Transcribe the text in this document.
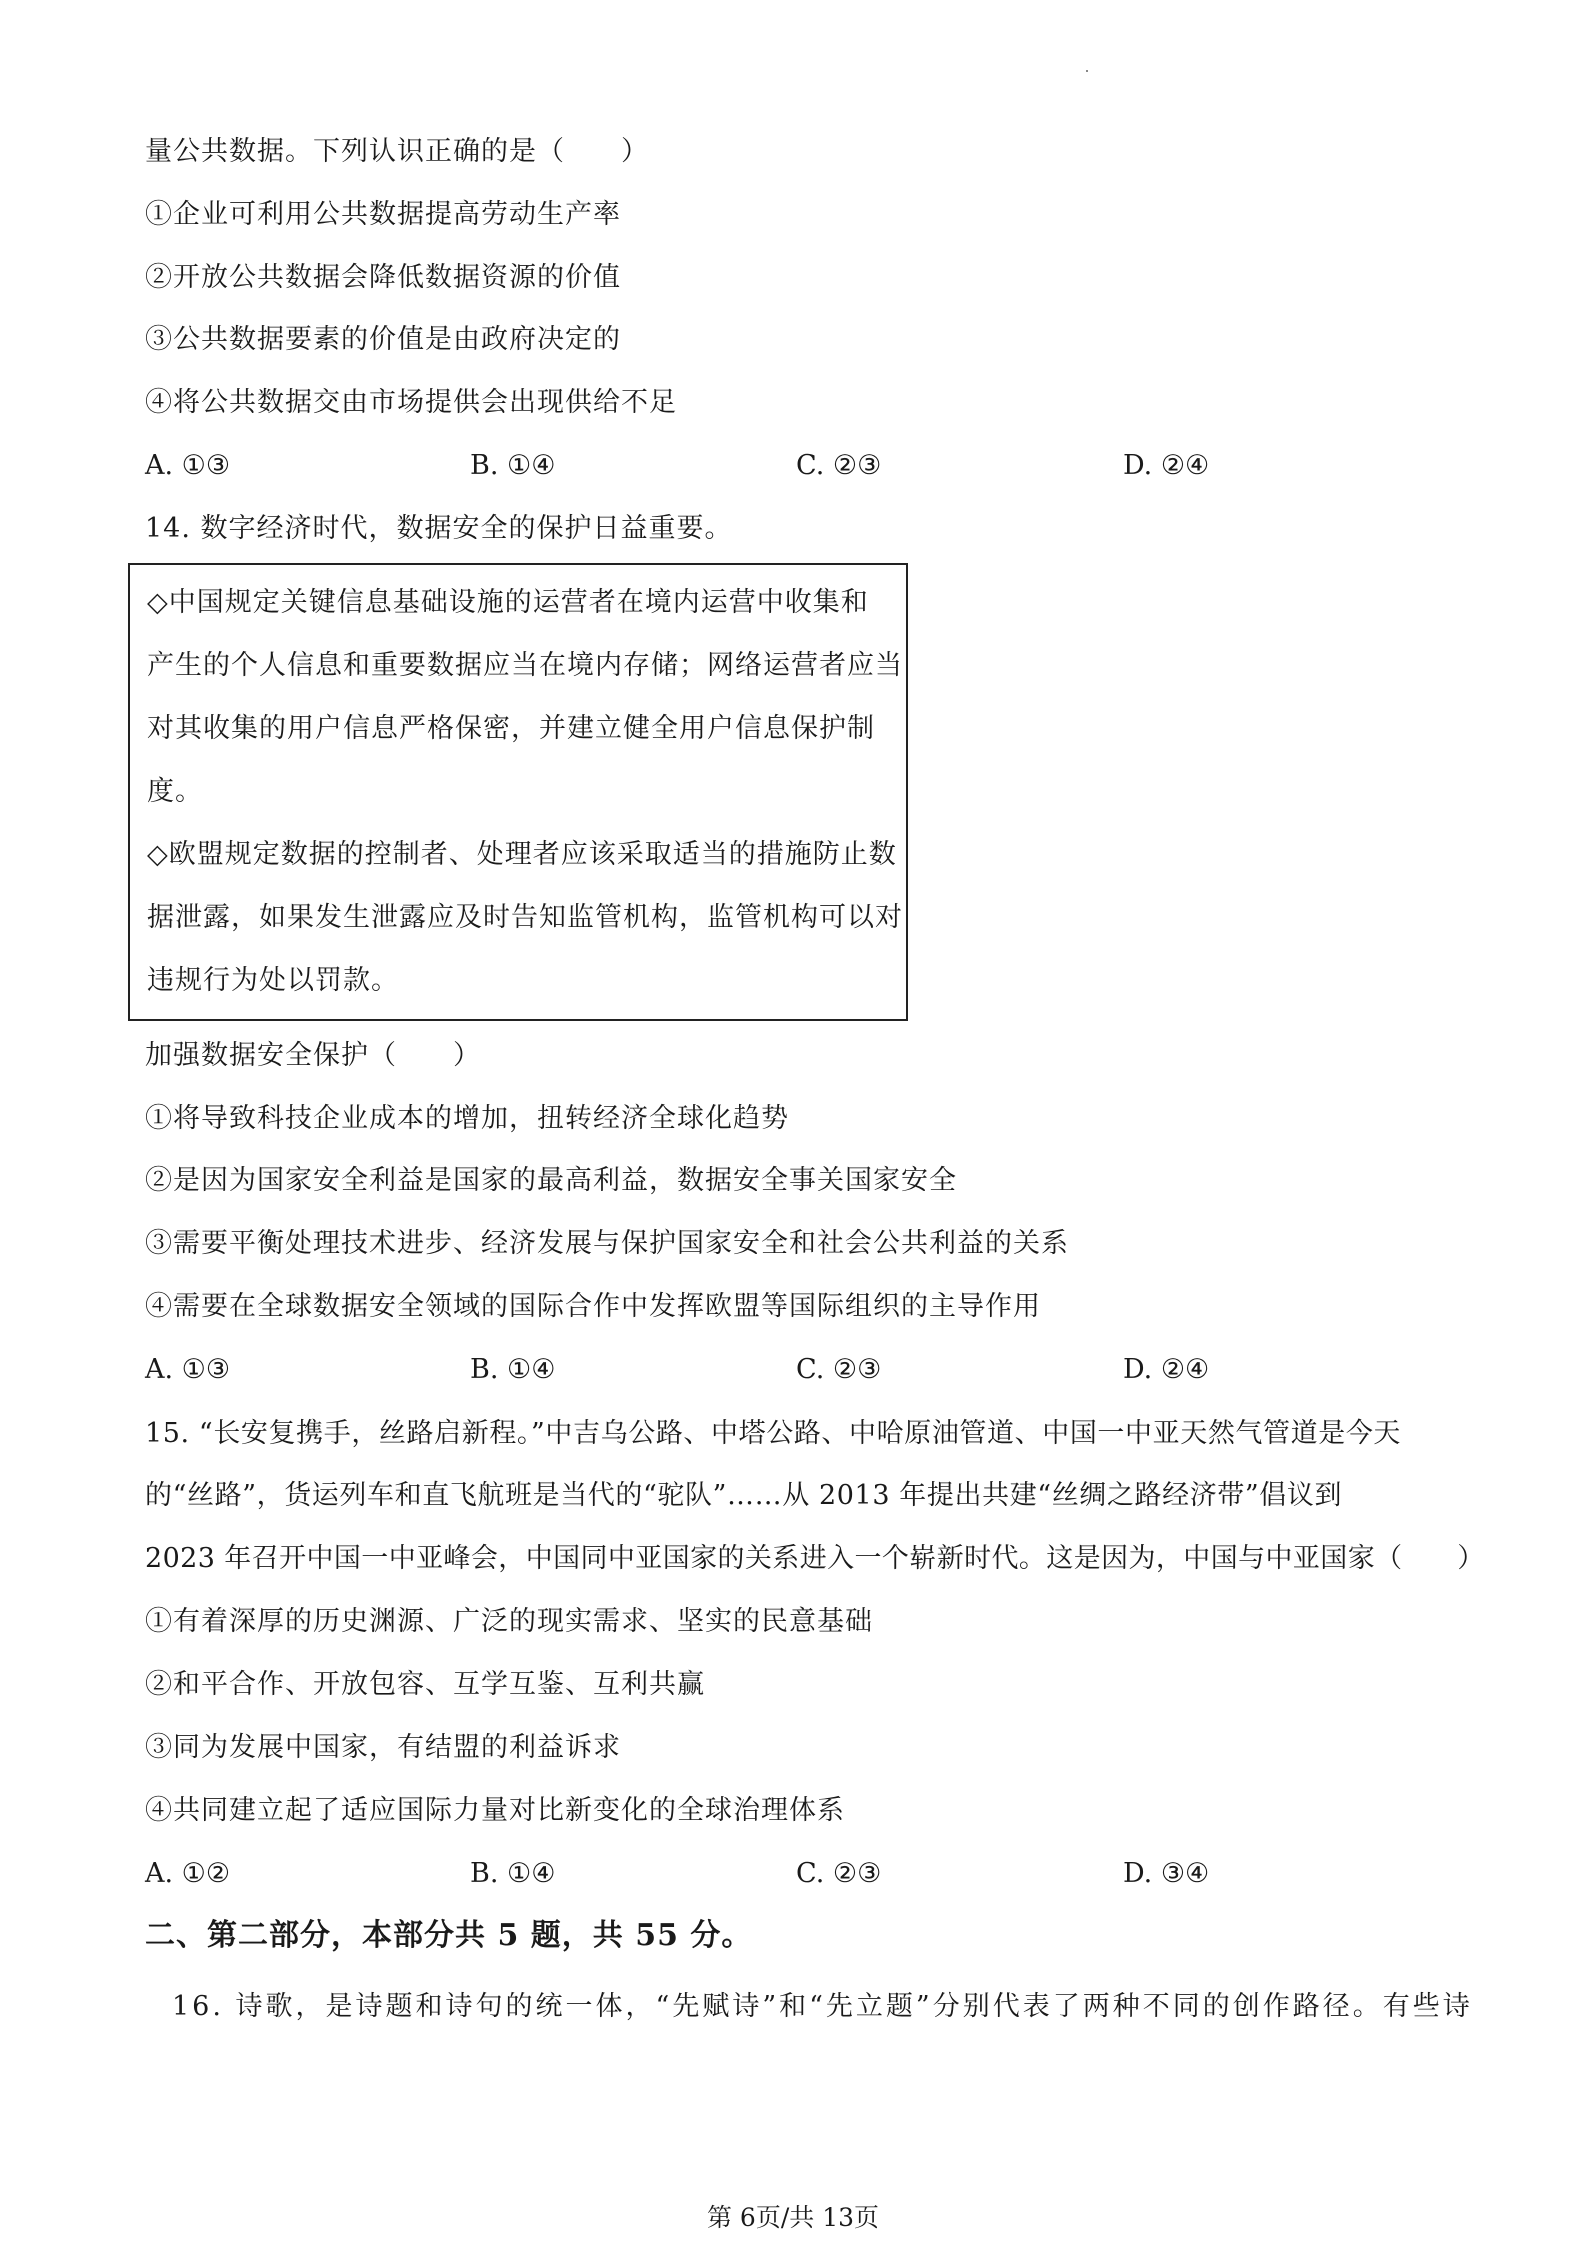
量公共数据。下列认识正确的是（　　）
①企业可利用公共数据提高劳动生产率
②开放公共数据会降低数据资源的价值
③公共数据要素的价值是由政府决定的
④将公共数据交由市场提供会出现供给不足
A. ①③	B. ①④	C. ②③	D. ②④
14. 数字经济时代，数据安全的保护日益重要。
◇中国规定关键信息基础设施的运营者在境内运营中收集和
产生的个人信息和重要数据应当在境内存储；网络运营者应当
对其收集的用户信息严格保密，并建立健全用户信息保护制
度。
◇欧盟规定数据的控制者、处理者应该采取适当的措施防止数
据泄露，如果发生泄露应及时告知监管机构，监管机构可以对
违规行为处以罚款。
加强数据安全保护（　　）
①将导致科技企业成本的增加，扭转经济全球化趋势
②是因为国家安全利益是国家的最高利益，数据安全事关国家安全
③需要平衡处理技术进步、经济发展与保护国家安全和社会公共利益的关系
④需要在全球数据安全领域的国际合作中发挥欧盟等国际组织的主导作用
A. ①③	B. ①④	C. ②③	D. ②④
15. “长安复携手，丝路启新程。”中吉乌公路、中塔公路、中哈原油管道、中国一中亚天然气管道是今天
的“丝路”，货运列车和直飞航班是当代的“驼队”……从 2013 年提出共建“丝绸之路经济带”倡议到
2023 年召开中国一中亚峰会，中国同中亚国家的关系进入一个崭新时代。这是因为，中国与中亚国家（　　）
①有着深厚的历史渊源、广泛的现实需求、坚实的民意基础
②和平合作、开放包容、互学互鉴、互利共赢
③同为发展中国家，有结盟的利益诉求
④共同建立起了适应国际力量对比新变化的全球治理体系
A. ①②	B. ①④	C. ②③	D. ③④
二、第二部分，本部分共 5 题，共 55 分。
16. 诗歌，是诗题和诗句的统一体，“先赋诗”和“先立题”分别代表了两种不同的创作路径。有些诗
第 6页/共 13页
